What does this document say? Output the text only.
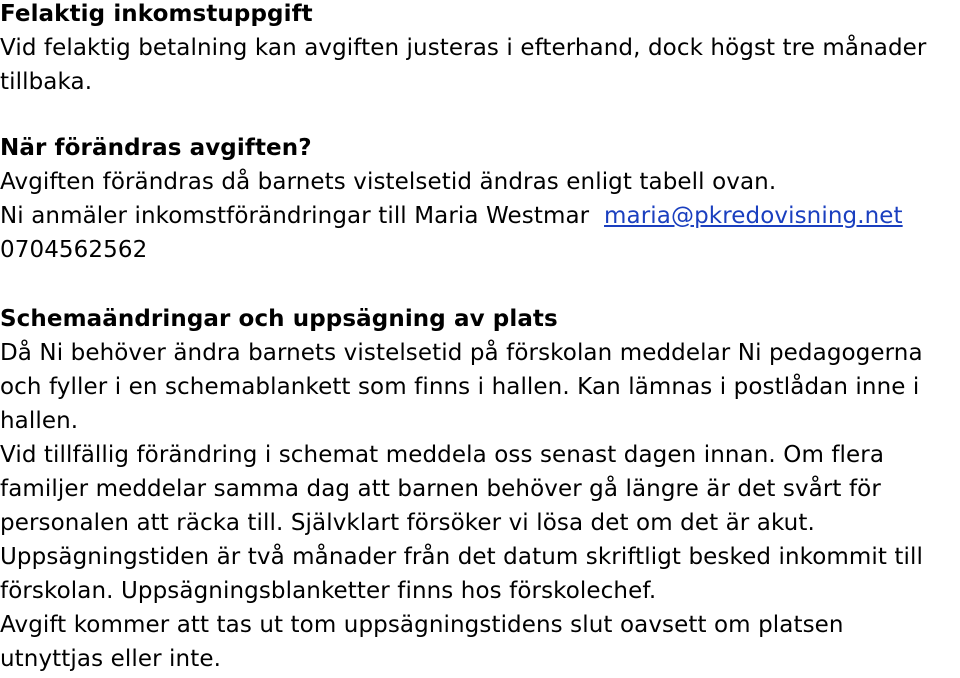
Felaktig inkomstuppgift

Vid felaktig betalning kan avgiften justeras i efterhand, dock högst tre månader

tillbaka.

När förändras avgiften?

Avgiften förändras då barnets vistelsetid ändras enligt tabell ovan.

Ni anmäler inkomstförändringar till Maria Westmar maria@pkredovisning.net

0704562562

Schemaändringar och uppsägning av plats

Då Ni behöver ändra barnets vistelsetid på förskolan meddelar Ni pedagogerna

och fyller i en schemablankett som finns i hallen. Kan lämnas i postlådan inne i

hallen.

Vid tillfällig förändring i schemat meddela oss senast dagen innan. Om flera

familjer meddelar samma dag att barnen behöver gå längre är det svårt för

personalen att räcka till. Självklart försöker vi lösa det om det är akut.

Uppsägningstiden är två månader från det datum skriftligt besked inkommit till

förskolan. Uppsägningsblanketter finns hos förskolechef.

Avgift kommer att tas ut tom uppsägningstidens slut oavsett om platsen

utnyttjas eller inte.
